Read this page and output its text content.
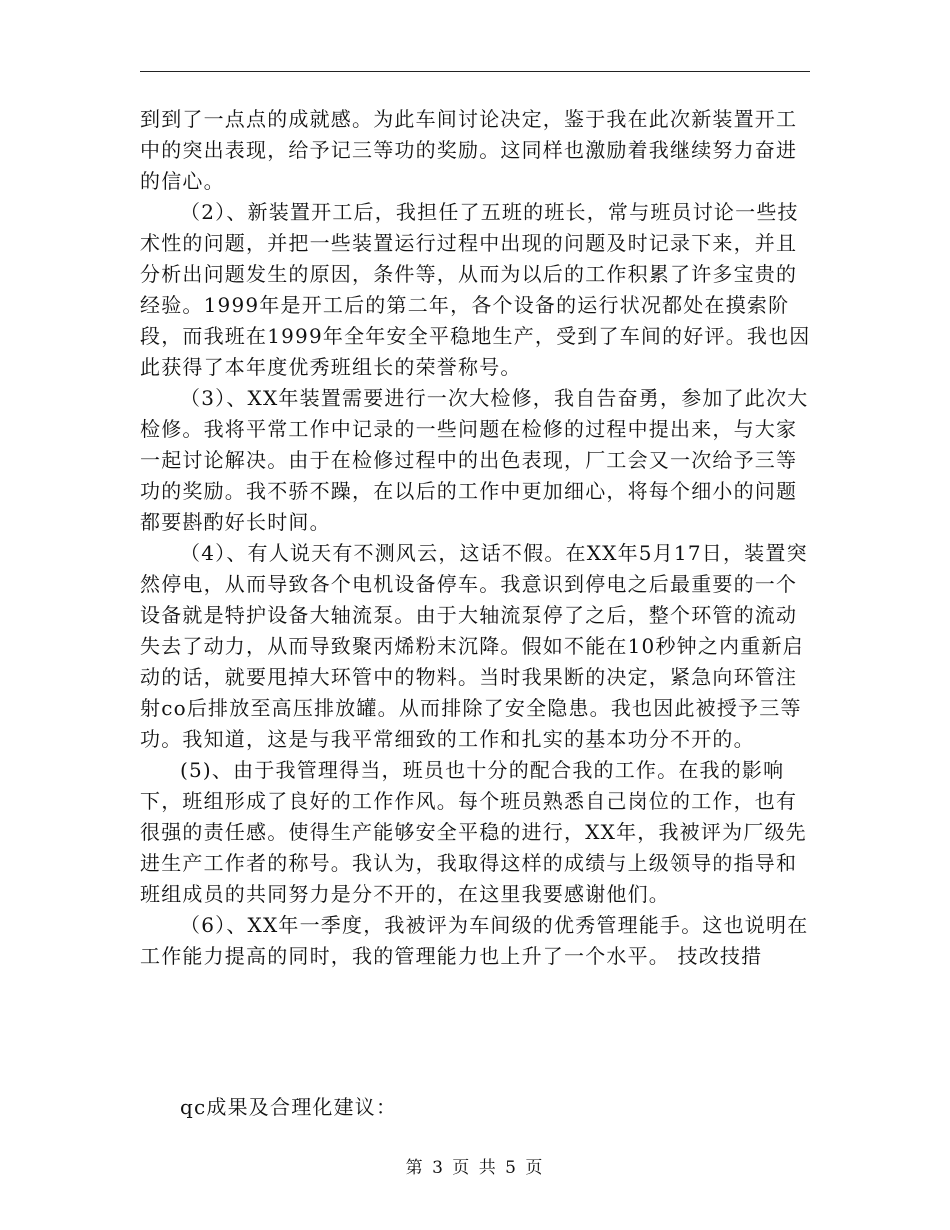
到到了一点点的成就感。为此车间讨论决定，鉴于我在此次新装置开工中的突出表现，给予记三等功的奖励。这同样也激励着我继续努力奋进的信心。

（2）、新装置开工后，我担任了五班的班长，常与班员讨论一些技术性的问题，并把一些装置运行过程中出现的问题及时记录下来，并且分析出问题发生的原因，条件等，从而为以后的工作积累了许多宝贵的经验。1999年是开工后的第二年，各个设备的运行状况都处在摸索阶段，而我班在1999年全年安全平稳地生产，受到了车间的好评。我也因此获得了本年度优秀班组长的荣誉称号。

（3）、XX年装置需要进行一次大检修，我自告奋勇，参加了此次大检修。我将平常工作中记录的一些问题在检修的过程中提出来，与大家一起讨论解决。由于在检修过程中的出色表现，厂工会又一次给予三等功的奖励。我不骄不躁，在以后的工作中更加细心，将每个细小的问题都要斟酌好长时间。

（4）、有人说天有不测风云，这话不假。在XX年5月17日，装置突然停电，从而导致各个电机设备停车。我意识到停电之后最重要的一个设备就是特护设备大轴流泵。由于大轴流泵停了之后，整个环管的流动失去了动力，从而导致聚丙烯粉末沉降。假如不能在10秒钟之内重新启动的话，就要甩掉大环管中的物料。当时我果断的决定，紧急向环管注射co后排放至高压排放罐。从而排除了安全隐患。我也因此被授予三等功。我知道，这是与我平常细致的工作和扎实的基本功分不开的。

(5)、由于我管理得当，班员也十分的配合我的工作。在我的影响下，班组形成了良好的工作作风。每个班员熟悉自己岗位的工作，也有很强的责任感。使得生产能够安全平稳的进行，XX年，我被评为厂级先进生产工作者的称号。我认为，我取得这样的成绩与上级领导的指导和班组成员的共同努力是分不开的，在这里我要感谢他们。

（6）、XX年一季度，我被评为车间级的优秀管理能手。这也说明在工作能力提高的同时，我的管理能力也上升了一个水平。 技改技措

qc成果及合理化建议：
第 3 页 共 5 页
